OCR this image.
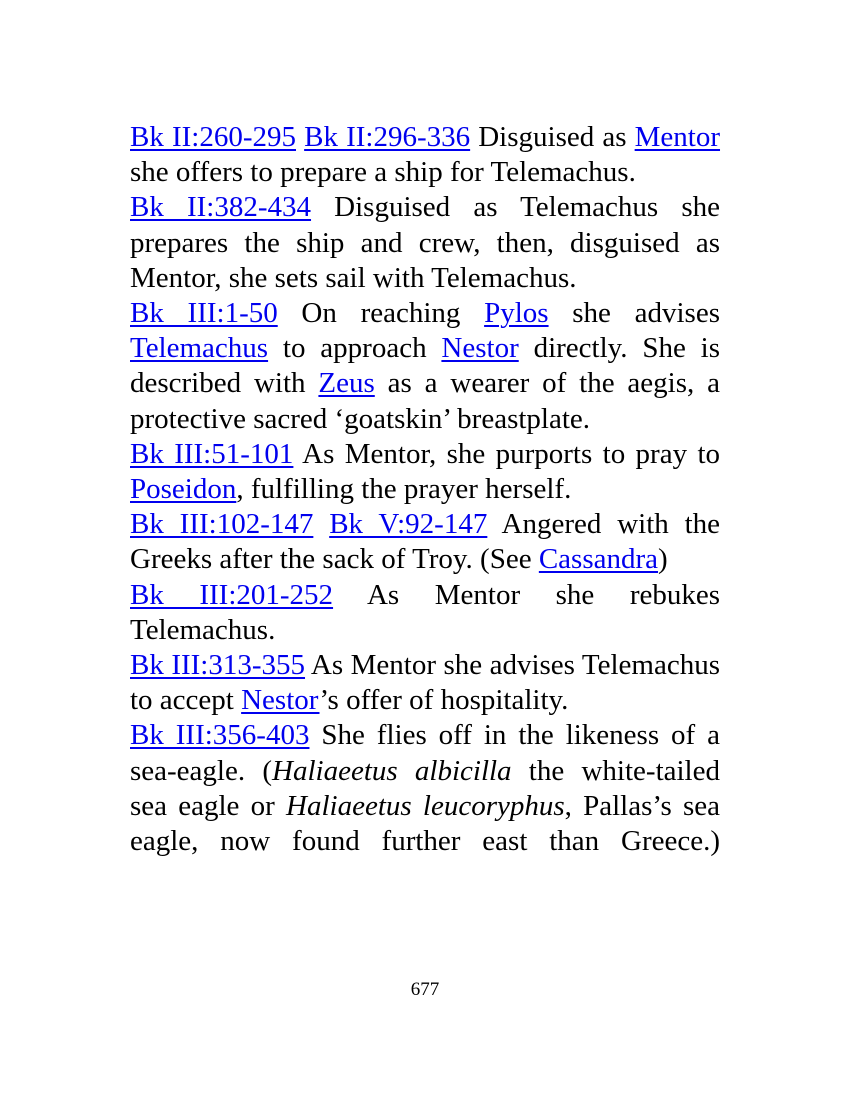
Bk II:260-295 Bk II:296-336 Disguised as Mentor she offers to prepare a ship for Telemachus.

Bk II:382-434 Disguised as Telemachus she prepares the ship and crew, then, disguised as Mentor, she sets sail with Telemachus.

Bk III:1-50 On reaching Pylos she advises Telemachus to approach Nestor directly. She is described with Zeus as a wearer of the aegis, a protective sacred ‘goatskin’ breastplate.

Bk III:51-101 As Mentor, she purports to pray to Poseidon, fulfilling the prayer herself.

Bk III:102-147 Bk V:92-147 Angered with the Greeks after the sack of Troy. (See Cassandra)

Bk III:201-252 As Mentor she rebukes Telemachus.

Bk III:313-355 As Mentor she advises Telemachus to accept Nestor’s offer of hospitality.

Bk III:356-403 She flies off in the likeness of a sea-eagle. (Haliaeetus albicilla the white-tailed sea eagle or Haliaeetus leucoryphus, Pallas’s sea eagle, now found further east than Greece.)

677
